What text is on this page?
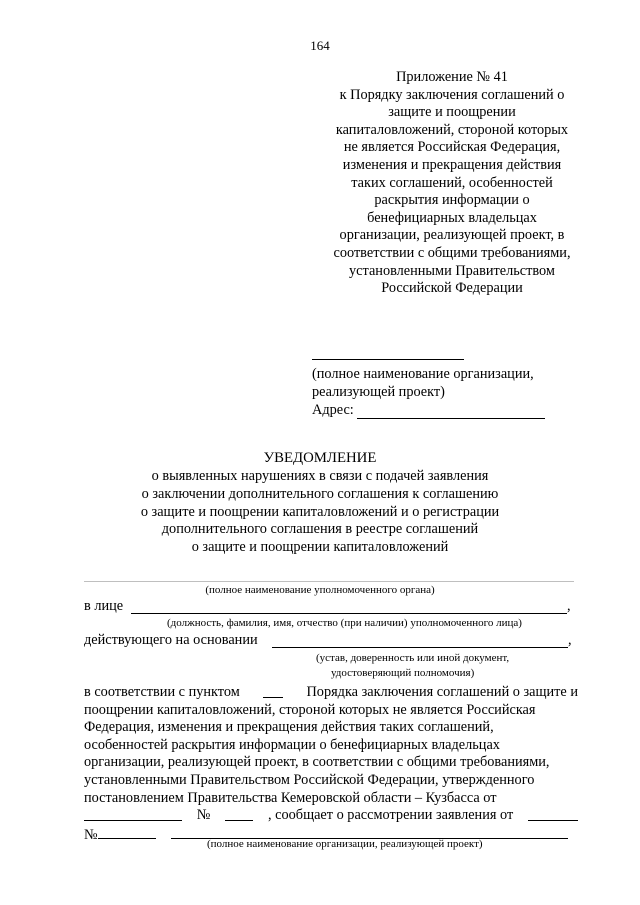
164
Приложение № 41
к Порядку заключения соглашений о
защите и поощрении
капиталовложений, стороной которых
не является Российская Федерация,
изменения и прекращения действия
таких соглашений, особенностей
раскрытия информации о
бенефициарных владельцах
организации, реализующей проект, в
соответствии с общими требованиями,
установленными Правительством
Российской Федерации
(полное наименование организации,
реализующей проект)
Адрес:
УВЕДОМЛЕНИЕ
о выявленных нарушениях в связи с подачей заявления
о заключении дополнительного соглашения к соглашению
о защите и поощрении капиталовложений и о регистрации
дополнительного соглашения в реестре соглашений
о защите и поощрении капиталовложений
(полное наименование уполномоченного органа)
в лице	,
(должность, фамилия, имя, отчество (при наличии) уполномоченного лица)
действующего на основании	,
(устав, доверенность или иной документ,
удостоверяющий полномочия)
в соответствии с пунктом	Порядка заключения соглашений о защите и
поощрении капиталовложений, стороной которых не является Российская
Федерация, изменения и прекращения действия таких соглашений,
особенностей раскрытия информации о бенефициарных владельцах
организации, реализующей проект, в соответствии с общими требованиями,
установленными Правительством Российской Федерации, утвержденного
постановлением Правительства Кемеровской области – Кузбасса от
№	, сообщает о рассмотрении заявления от
№
(полное наименование организации, реализующей проект)
